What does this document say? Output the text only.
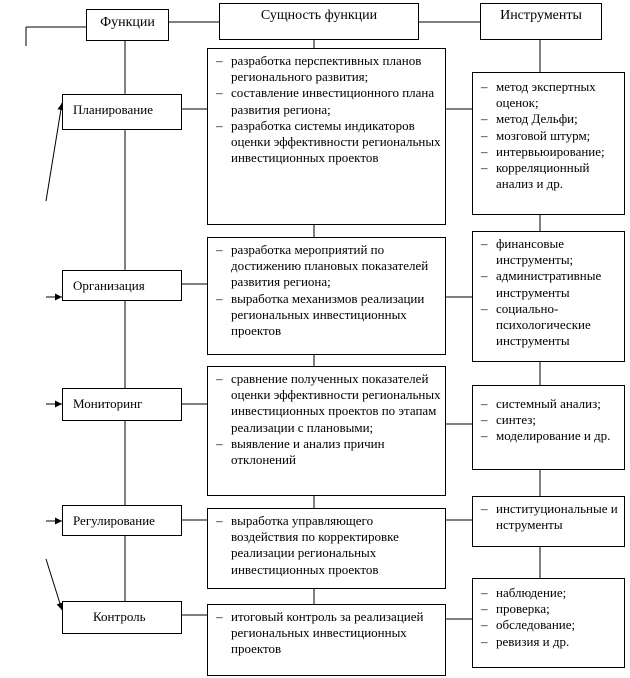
Функции	Сущность функции	Инструменты
Планирование
Организация
Мониторинг
Регулирование
Контроль
– разработка перспективных планов регионального развития;
– составление инвестиционного плана развития региона;
– разработка системы индикаторов оценки эффективности региональных инвестиционных проектов
– разработка мероприятий по достижению плановых показателей развития региона;
– выработка механизмов реализации региональных инвестиционных проектов
– сравнение полученных показателей оценки эффективности региональных инвестиционных проектов по этапам реализации с плановыми;
– выявление и анализ причин отклонений
– выработка управляющего воздействия по корректировке реализации региональных инвестиционных проектов
– итоговый контроль за реализацией региональных инвестиционных проектов
– метод экспертных оценок;
– метод Дельфи;
– мозговой штурм;
– интервьюирование;
– корреляционный анализ и др.
– финансовые инструменты;
– административные инструменты
– социально-психологические инструменты
– системный анализ;
– синтез;
– моделирование и др.
– институциональные инструменты
– наблюдение;
– проверка;
– обследование;
– ревизия и др.
